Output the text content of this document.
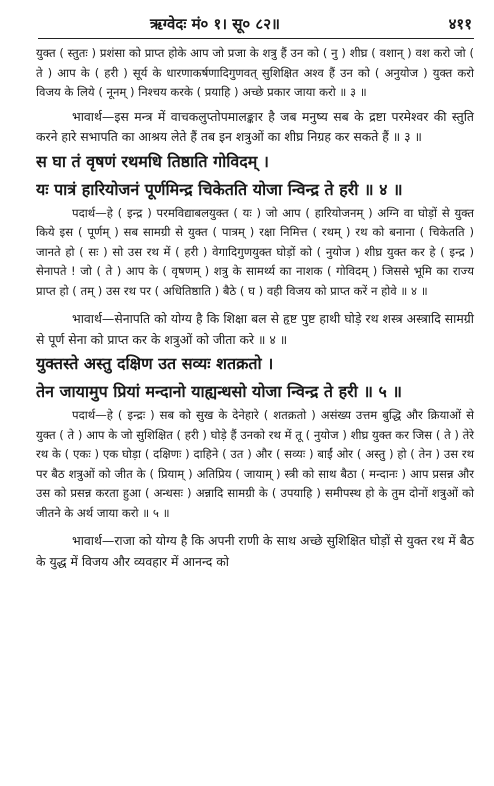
ऋग्वेदः मं० १। सू० ८२॥	४११

युक्त ( स्तुतः ) प्रशंसा को प्राप्त होके आप जो प्रजा के शत्रु हैं उन को ( नु ) शीघ्र ( वशान् ) वश करो जो ( ते ) आप के ( हरी ) सूर्य के धारणाकर्षणादिगुणवत् सुशिक्षित अश्व हैं उन को ( अनुयोज ) युक्त करो विजय के लिये ( नूनम् ) निश्चय करके ( प्रयाहि ) अच्छे प्रकार जाया करो ॥ ३ ॥

भावार्थ—इस मन्त्र में वाचकलुप्तोपमालङ्कार है जब मनुष्य सब के द्रष्टा परमेश्वर की स्तुति करने हारे सभापति का आश्रय लेते हैं तब इन शत्रुओं का शीघ्र निग्रह कर सकते हैं ॥ ३ ॥

स घा तं वृषणं रथमधि तिष्ठाति गोविदम् ।

यः पात्रं हारियोजनं पूर्णमिन्द्र चिकेतति योजा न्विन्द्र ते हरी ॥ ४ ॥

पदार्थ—हे ( इन्द्र ) परमविद्याबलयुक्त ( यः ) जो आप ( हारियोजनम् ) अग्नि वा घोड़ों से युक्त किये इस ( पूर्णम् ) सब सामग्री से युक्त ( पात्रम् ) रक्षा निमित्त ( रथम् ) रथ को बनाना ( चिकेतति ) जानते हो ( सः ) सो उस रथ में ( हरी ) वेगादिगुणयुक्त घोड़ों को ( नुयोज ) शीघ्र युक्त कर हे ( इन्द्र ) सेनापते ! जो ( ते ) आप के ( वृषणम् ) शत्रु के सामर्थ्य का नाशक ( गोविदम् ) जिससे भूमि का राज्य प्राप्त हो ( तम् ) उस रथ पर ( अधितिष्ठाति ) बैठे ( घ ) वही विजय को प्राप्त करें न होवे ॥ ४ ॥

भावार्थ—सेनापति को योग्य है कि शिक्षा बल से हृष्ट पुष्ट हाथी घोड़े रथ शस्त्र अस्त्रादि सामग्री से पूर्ण सेना को प्राप्त कर के शत्रुओं को जीता करे ॥ ४ ॥

युक्तस्ते अस्तु दक्षिण उत सव्यः शतक्रतो ।

तेन जायामुप प्रियां मन्दानो याह्यन्धसो योजा न्विन्द्र ते हरी ॥ ५ ॥

पदार्थ—हे ( इन्द्रः ) सब को सुख के देनेहारे ( शतक्रतो ) असंख्य उत्तम बुद्धि और क्रियाओं से युक्त ( ते ) आप के जो सुशिक्षित ( हरी ) घोड़े हैं उनको रथ में तू ( नुयोज ) शीघ्र युक्त कर जिस ( ते ) तेरे रथ के ( एकः ) एक घोड़ा ( दक्षिणः ) दाहिने ( उत ) और ( सव्यः ) बाईं ओर ( अस्तु ) हो ( तेन ) उस रथ पर बैठ शत्रुओं को जीत के ( प्रियाम् ) अतिप्रिय ( जायाम् ) स्त्री को साथ बैठा ( मन्दानः ) आप प्रसन्न और उस को प्रसन्न करता हुआ ( अन्धसः ) अन्नादि सामग्री के ( उपयाहि ) समीपस्थ हो के तुम दोनों शत्रुओं को जीतने के अर्थ जाया करो ॥ ५ ॥

भावार्थ—राजा को योग्य है कि अपनी राणी के साथ अच्छे सुशिक्षित घोड़ों से युक्त रथ में बैठ के युद्ध में विजय और व्यवहार में आनन्द को
